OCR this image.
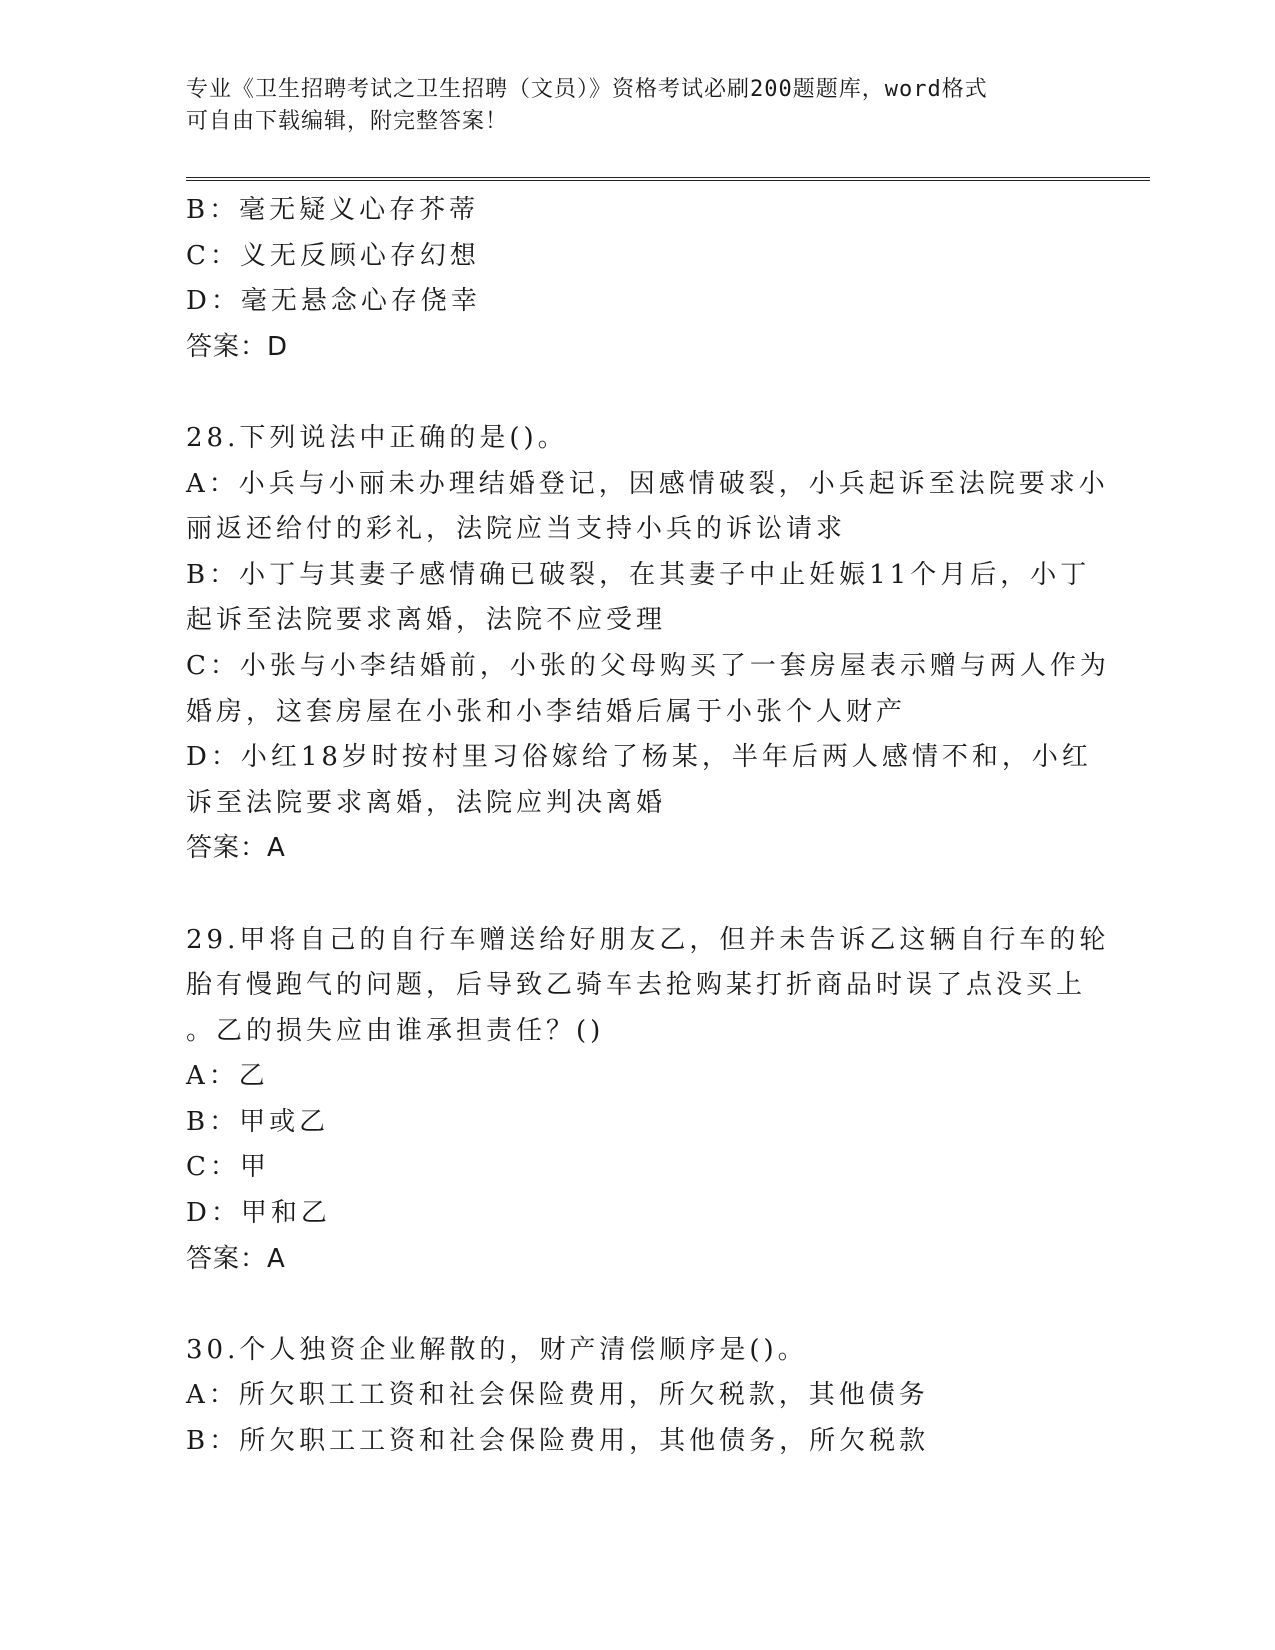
专业《卫生招聘考试之卫生招聘（文员）》资格考试必刷200题题库，word格式
可自由下载编辑，附完整答案！
B：毫无疑义心存芥蒂
C：义无反顾心存幻想
D：毫无悬念心存侥幸
答案：D
28.下列说法中正确的是()。
A：小兵与小丽未办理结婚登记，因感情破裂，小兵起诉至法院要求小
丽返还给付的彩礼，法院应当支持小兵的诉讼请求
B：小丁与其妻子感情确已破裂，在其妻子中止妊娠11个月后，小丁
起诉至法院要求离婚，法院不应受理
C：小张与小李结婚前，小张的父母购买了一套房屋表示赠与两人作为
婚房，这套房屋在小张和小李结婚后属于小张个人财产
D：小红18岁时按村里习俗嫁给了杨某，半年后两人感情不和，小红
诉至法院要求离婚，法院应判决离婚
答案：A
29.甲将自己的自行车赠送给好朋友乙，但并未告诉乙这辆自行车的轮
胎有慢跑气的问题，后导致乙骑车去抢购某打折商品时误了点没买上
。乙的损失应由谁承担责任？()
A：乙
B：甲或乙
C：甲
D：甲和乙
答案：A
30.个人独资企业解散的，财产清偿顺序是()。
A：所欠职工工资和社会保险费用，所欠税款，其他债务
B：所欠职工工资和社会保险费用，其他债务，所欠税款
